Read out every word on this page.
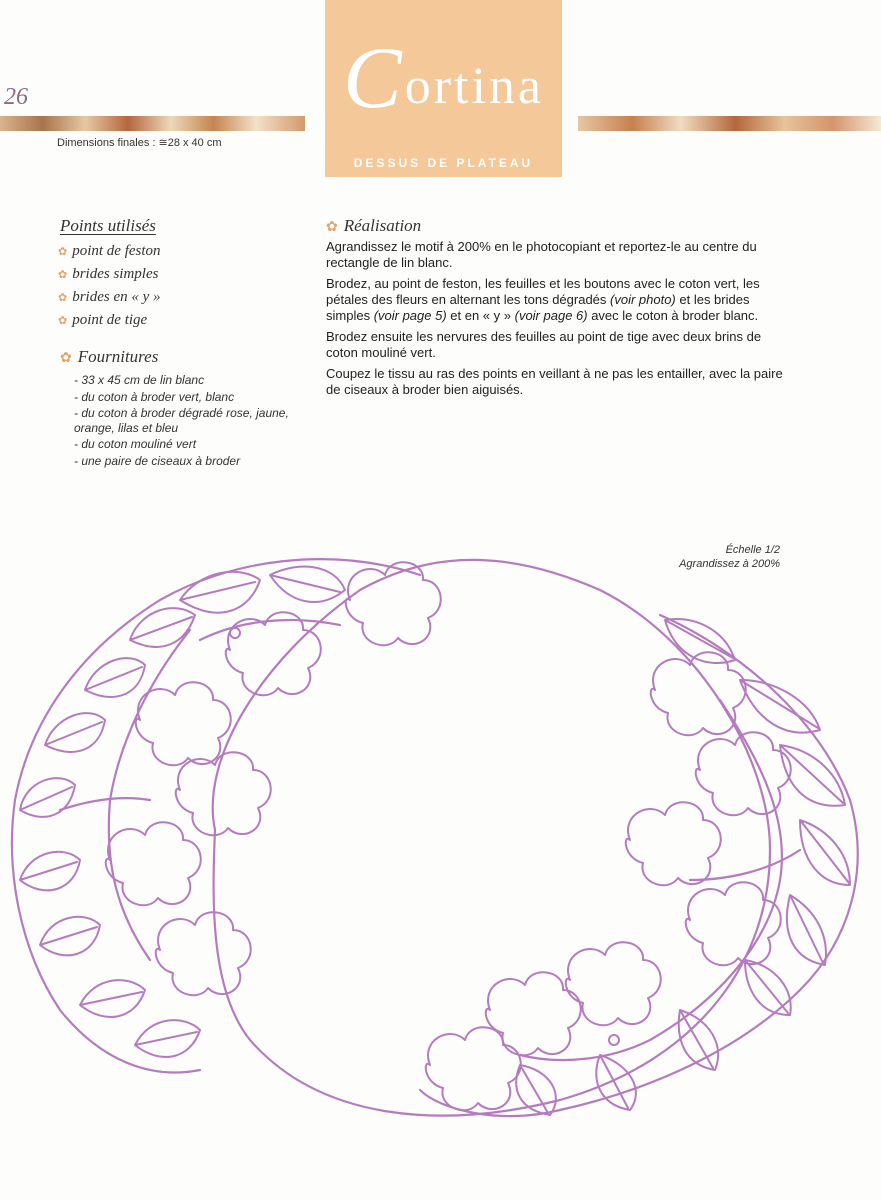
26
Dimensions finales : ≅28 x 40 cm
Cortina
DESSUS DE PLATEAU
Points utilisés
✿ point de feston
✿ brides simples
✿ brides en « y »
✿ point de tige
✿ Fournitures
- 33 x 45 cm de lin blanc
- du coton à broder vert, blanc
- du coton à broder dégradé rose, jaune, orange, lilas et bleu
- du coton mouliné vert
- une paire de ciseaux à broder
✿ Réalisation

Agrandissez le motif à 200% en le photocopiant et reportez-le au centre du rectangle de lin blanc.

Brodez, au point de feston, les feuilles et les boutons avec le coton vert, les pétales des fleurs en alternant les tons dégradés (voir photo) et les brides simples (voir page 5) et en « y » (voir page 6) avec le coton à broder blanc.

Brodez ensuite les nervures des feuilles au point de tige avec deux brins de coton mouliné vert.

Coupez le tissu au ras des points en veillant à ne pas les entailler, avec la paire de ciseaux à broder bien aiguisés.

Échelle 1/2
Agrandissez à 200%
